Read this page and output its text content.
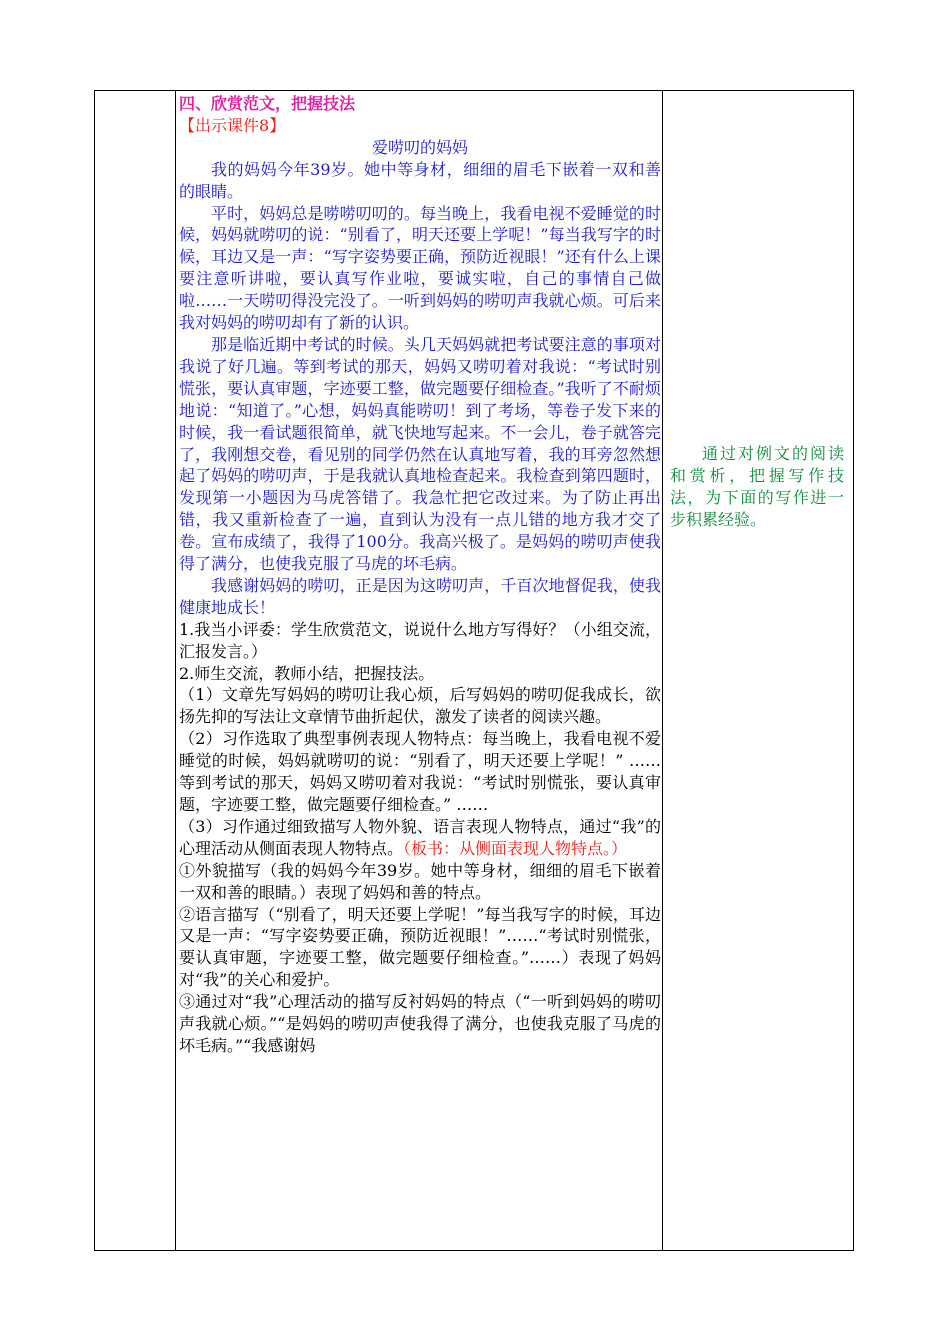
四、欣赏范文，把握技法

【出示课件8】

爱唠叨的妈妈

我的妈妈今年39岁。她中等身材，细细的眉毛下嵌着一双和善的眼睛。

平时，妈妈总是唠唠叨叨的。每当晚上，我看电视不爱睡觉的时候，妈妈就唠叨的说：“别看了，明天还要上学呢！”每当我写字的时候，耳边又是一声：“写字姿势要正确，预防近视眼！”还有什么上课要注意听讲啦，要认真写作业啦，要诚实啦，自己的事情自己做啦……一天唠叨得没完没了。一听到妈妈的唠叨声我就心烦。可后来我对妈妈的唠叨却有了新的认识。

那是临近期中考试的时候。头几天妈妈就把考试要注意的事项对我说了好几遍。等到考试的那天，妈妈又唠叨着对我说：“考试时别慌张，要认真审题，字迹要工整，做完题要仔细检查。”我听了不耐烦地说：“知道了。”心想，妈妈真能唠叨！到了考场，等卷子发下来的时候，我一看试题很简单，就飞快地写起来。不一会儿，卷子就答完了，我刚想交卷，看见别的同学仍然在认真地写着，我的耳旁忽然想起了妈妈的唠叨声，于是我就认真地检查起来。我检查到第四题时，发现第一小题因为马虎答错了。我急忙把它改过来。为了防止再出错，我又重新检查了一遍，直到认为没有一点儿错的地方我才交了卷。宣布成绩了，我得了100分。我高兴极了。是妈妈的唠叨声使我得了满分，也使我克服了马虎的坏毛病。

我感谢妈妈的唠叨，正是因为这唠叨声，千百次地督促我，使我健康地成长！

1.我当小评委：学生欣赏范文，说说什么地方写得好？（小组交流，汇报发言。）

2.师生交流，教师小结，把握技法。

（1）文章先写妈妈的唠叨让我心烦，后写妈妈的唠叨促我成长，欲扬先抑的写法让文章情节曲折起伏，激发了读者的阅读兴趣。

（2）习作选取了典型事例表现人物特点：每当晚上，我看电视不爱睡觉的时候，妈妈就唠叨的说：“别看了，明天还要上学呢！” ……等到考试的那天，妈妈又唠叨着对我说：“考试时别慌张，要认真审题，字迹要工整，做完题要仔细检查。” ……

（3）习作通过细致描写人物外貌、语言表现人物特点，通过“我”的心理活动从侧面表现人物特点。（板书：从侧面表现人物特点。）

①外貌描写（我的妈妈今年39岁。她中等身材，细细的眉毛下嵌着一双和善的眼睛。）表现了妈妈和善的特点。

②语言描写（“别看了，明天还要上学呢！”每当我写字的时候，耳边又是一声：“写字姿势要正确，预防近视眼！”……“考试时别慌张，要认真审题，字迹要工整，做完题要仔细检查。”……）表现了妈妈对“我”的关心和爱护。

③通过对“我”心理活动的描写反衬妈妈的特点（“一听到妈妈的唠叨声我就心烦。”“是妈妈的唠叨声使我得了满分，也使我克服了马虎的坏毛病。”“我感谢妈

通过对例文的阅读和赏析，把握写作技法，为下面的写作进一步积累经验。
